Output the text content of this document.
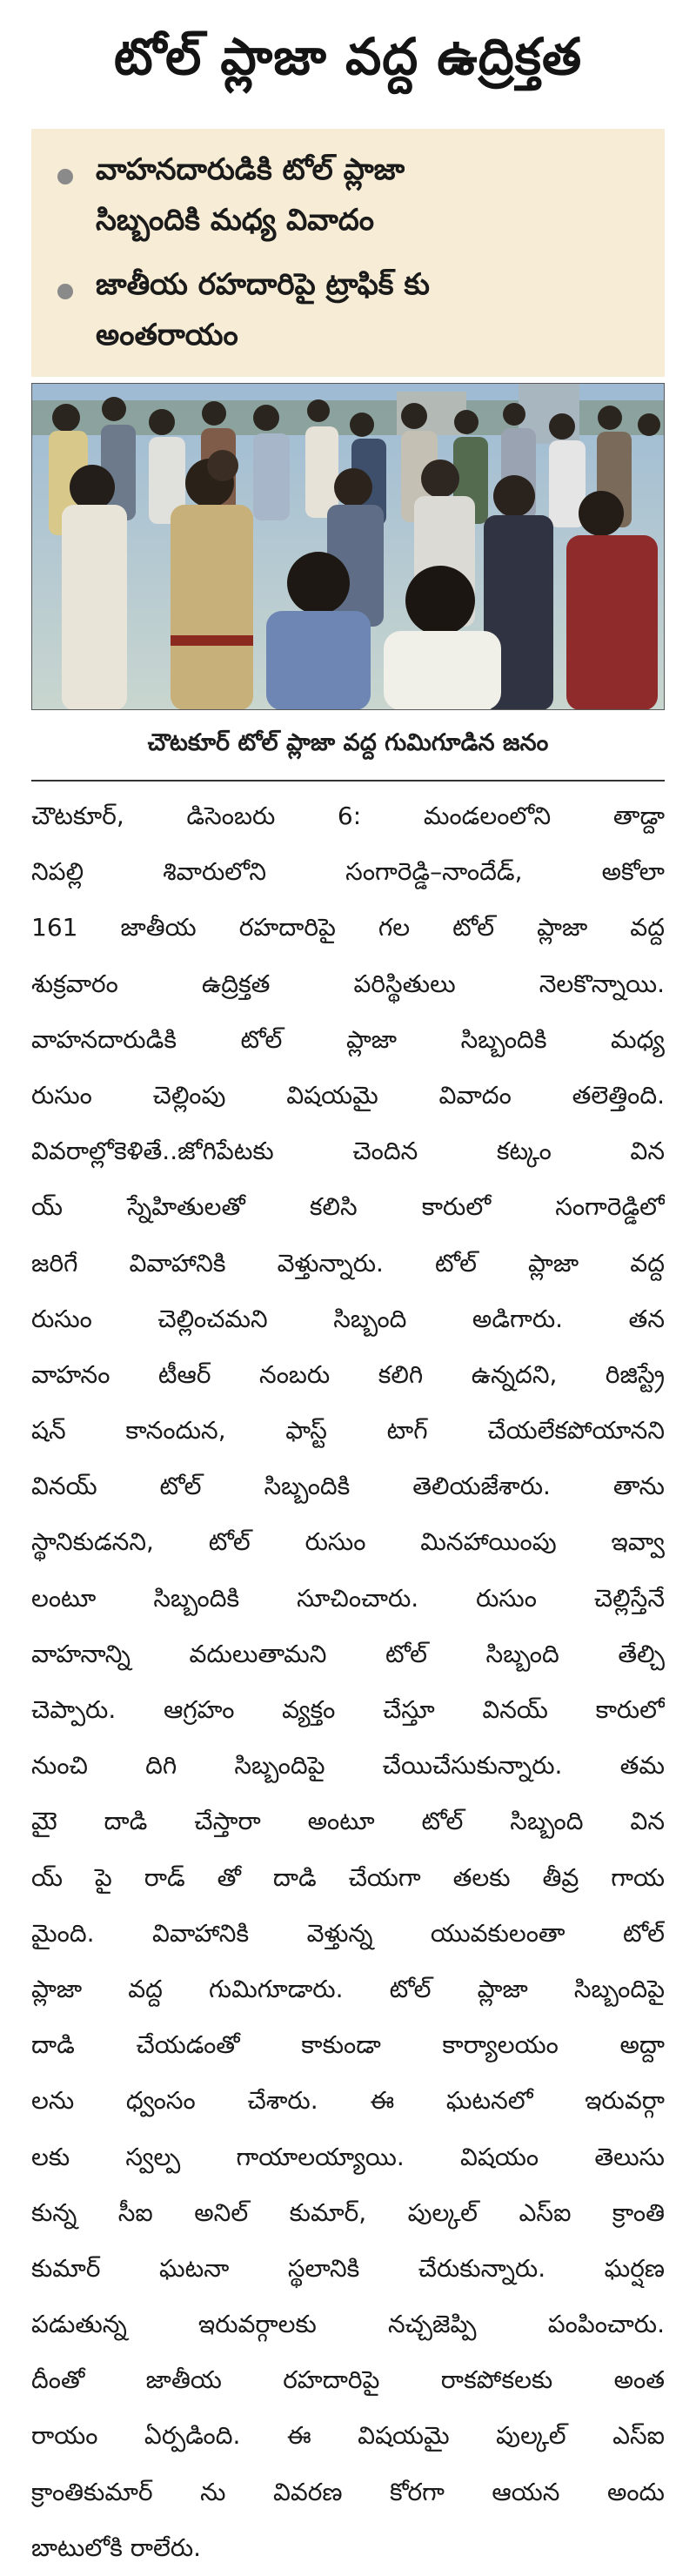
టోల్ ప్లాజా వద్ద ఉద్రిక్తత
వాహనదారుడికి టోల్ ప్లాజా
సిబ్బందికి మధ్య వివాదం
జాతీయ రహదారిపై ట్రాఫిక్ కు
అంతరాయం
చౌటకూర్ టోల్ ప్లాజా వద్ద గుమిగూడిన జనం
చౌటకూర్, డిసెంబరు 6: మండలంలోని తాడ్దా
నిపల్లి శివారులోని సంగారెడ్డి–నాందేడ్, అకోలా
161 జాతీయ రహదారిపై గల టోల్ ప్లాజా వద్ద
శుక్రవారం ఉద్రిక్తత పరిస్థితులు నెలకొన్నాయి.
వాహనదారుడికి టోల్ ప్లాజా సిబ్బందికి మధ్య
రుసుం చెల్లింపు విషయమై వివాదం తలెత్తింది.
వివరాల్లోకెళితే..జోగిపేటకు చెందిన కట్కం విన
య్ స్నేహితులతో కలిసి కారులో సంగారెడ్డిలో
జరిగే వివాహానికి వెళ్తున్నారు. టోల్ ప్లాజా వద్ద
రుసుం చెల్లించమని సిబ్బంది అడిగారు. తన
వాహనం టీఆర్ నంబరు కలిగి ఉన్నదని, రిజిస్ట్రే
షన్ కానందున, ఫాస్ట్ టాగ్ చేయలేకపోయానని
వినయ్ టోల్ సిబ్బందికి తెలియజేశారు. తాను
స్థానికుడనని, టోల్ రుసుం మినహాయింపు ఇవ్వా
లంటూ సిబ్బందికి సూచించారు. రుసుం చెల్లిస్తేనే
వాహనాన్ని వదులుతామని టోల్ సిబ్బంది తేల్చి
చెప్పారు. ఆగ్రహం వ్యక్తం చేస్తూ వినయ్ కారులో
నుంచి దిగి సిబ్బందిపై చేయిచేసుకున్నారు. తమ
మైె దాడి చేస్తారా అంటూ టోల్ సిబ్బంది విన
య్ పై రాడ్ తో దాడి చేయగా తలకు తీవ్ర గాయ
మైంది. వివాహానికి వెళ్తున్న యువకులంతా టోల్
ప్లాజా వద్ద గుమిగూడారు. టోల్ ప్లాజా సిబ్బందిపై
దాడి చేయడంతో కాకుండా కార్యాలయం అద్దా
లను ధ్వంసం చేశారు. ఈ ఘటనలో ఇరువర్గా
లకు స్వల్ప గాయాలయ్యాయి. విషయం తెలుసు
కున్న సీఐ అనిల్ కుమార్, పుల్కల్ ఎస్ఐ క్రాంతి
కుమార్ ఘటనా స్థలానికి చేరుకున్నారు. ఘర్షణ
పడుతున్న ఇరువర్గాలకు నచ్చజెప్పి పంపించారు.
దీంతో జాతీయ రహదారిపై రాకపోకలకు అంత
రాయం ఏర్పడింది. ఈ విషయమై పుల్కల్ ఎస్ఐ
క్రాంతికుమార్ ను వివరణ కోరగా ఆయన అందు
బాటులోకి రాలేరు.
